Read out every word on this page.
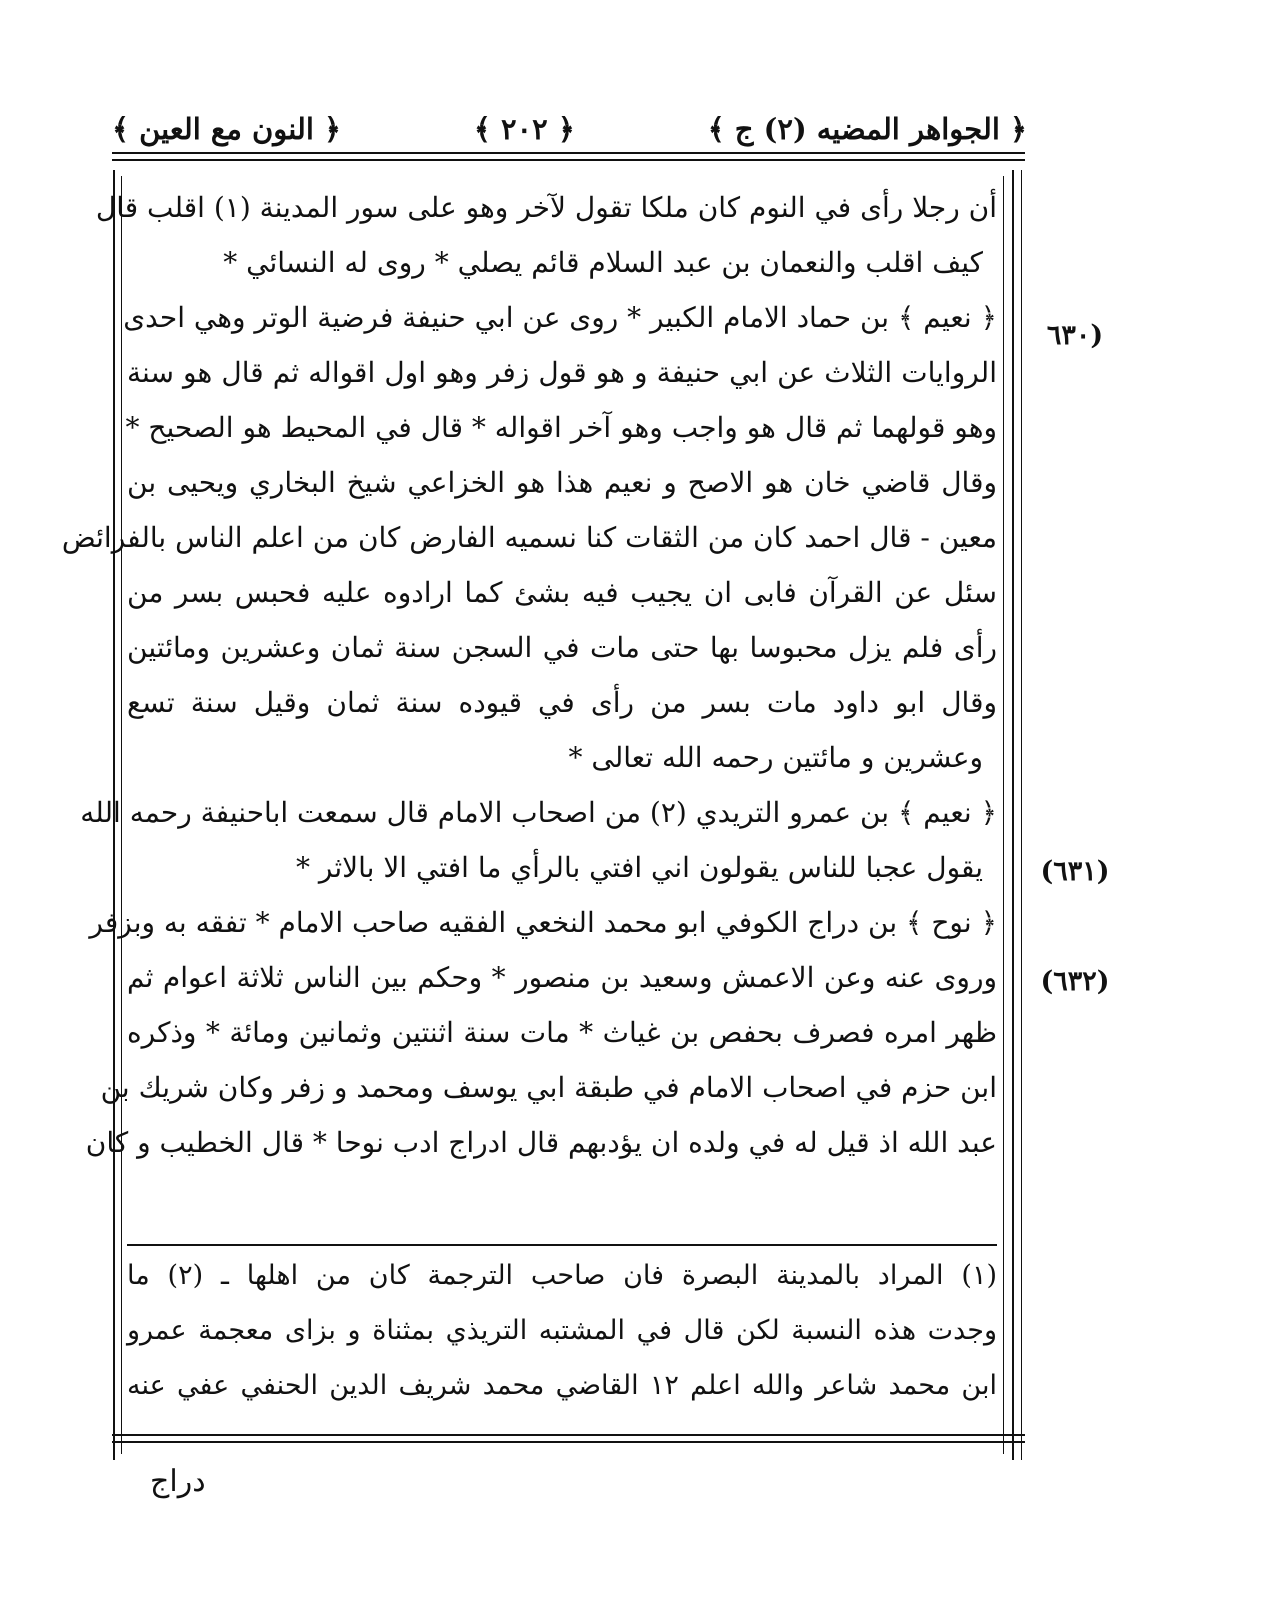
﴿ الجواهر المضيه (٢) ج ﴾
﴿ ٢٠٢ ﴾
﴿ النون مع العين ﴾
(٦٣٠
(٦٣١)
(٦٣٢)
أن رجلا رأى في النوم كان ملكا تقول لآخر وهو على سور المدينة (١) اقلب قال
كيف اقلب والنعمان بن عبد السلام قائم يصلي * روى له النسائي *
﴿ نعيم ﴾ بن حماد الامام الكبير * روى عن ابي حنيفة فرضية الوتر وهي احدى
الروايات الثلاث عن ابي حنيفة و هو قول زفر وهو اول اقواله ثم قال هو سنة
وهو قولهما ثم قال هو واجب وهو آخر اقواله * قال في المحيط هو الصحيح *
وقال قاضي خان هو الاصح و نعيم هذا هو الخزاعي شيخ البخاري ويحيى بن
معين - قال احمد كان من الثقات كنا نسميه الفارض كان من اعلم الناس بالفرائض
سئل عن القرآن فابى ان يجيب فيه بشئ كما ارادوه عليه فحبس بسر من
رأى فلم يزل محبوسا بها حتى مات في السجن سنة ثمان وعشرين ومائتين
وقال ابو داود مات بسر من رأى في قيوده سنة ثمان وقيل سنة تسع
وعشرين و مائتين رحمه الله تعالى *
﴿ نعيم ﴾ بن عمرو التريدي (٢) من اصحاب الامام قال سمعت اباحنيفة رحمه الله
يقول عجبا للناس يقولون اني افتي بالرأي ما افتي الا بالاثر *
﴿ نوح ﴾ بن دراج الكوفي ابو محمد النخعي الفقيه صاحب الامام * تفقه به وبزفر
وروى عنه وعن الاعمش وسعيد بن منصور * وحكم بين الناس ثلاثة اعوام ثم
ظهر امره فصرف بحفص بن غياث * مات سنة اثنتين وثمانين ومائة * وذكره
ابن حزم في اصحاب الامام في طبقة ابي يوسف ومحمد و زفر وكان شريك بن
عبد الله اذ قيل له في ولده ان يؤدبهم قال ادراج ادب نوحا * قال الخطيب و كان
(١) المراد بالمدينة البصرة فان صاحب الترجمة كان من اهلها ـ (٢) ما
وجدت هذه النسبة لكن قال في المشتبه التريذي بمثناة و بزاى معجمة عمرو
ابن محمد شاعر والله اعلم ١٢ القاضي محمد شريف الدين الحنفي عفي عنه
دراج
